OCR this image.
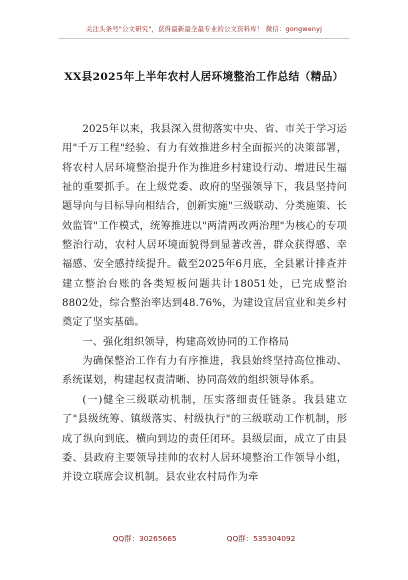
关注头条号"公文研究"，获得最新最全最专业的公文资料库！ 微信：gongwenyj
XX县2025年上半年农村人居环境整治工作总结（精品）

2025年以来，我县深入贯彻落实中央、省、市关于学习运用"千万工程"经验、有力有效推进乡村全面振兴的决策部署，将农村人居环境整治提升作为推进乡村建设行动、增进民生福祉的重要抓手。在上级党委、政府的坚强领导下，我县坚持问题导向与目标导向相结合，创新实施"三级联动、分类施策、长效监管"工作模式，统筹推进以"两清两改两治理"为核心的专项整治行动，农村人居环境面貌得到显著改善，群众获得感、幸福感、安全感持续提升。截至2025年6月底，全县累计排查并建立整治台账的各类短板问题共计18051处，已完成整治8802处，综合整治率达到48.76%，为建设宜居宜业和美乡村奠定了坚实基础。

一、强化组织领导，构建高效协同的工作格局

为确保整治工作有力有序推进，我县始终坚持高位推动、系统谋划，构建起权责清晰、协同高效的组织领导体系。

(一)健全三级联动机制，压实落细责任链条。我县建立了"县级统筹、镇级落实、村级执行"的三级联动工作机制，形成了纵向到底、横向到边的责任闭环。县级层面，成立了由县委、县政府主要领导挂帅的农村人居环境整治工作领导小组，并设立联席会议机制。县农业农村局作为牵

QQ群：30265665	QQ群：535304092
